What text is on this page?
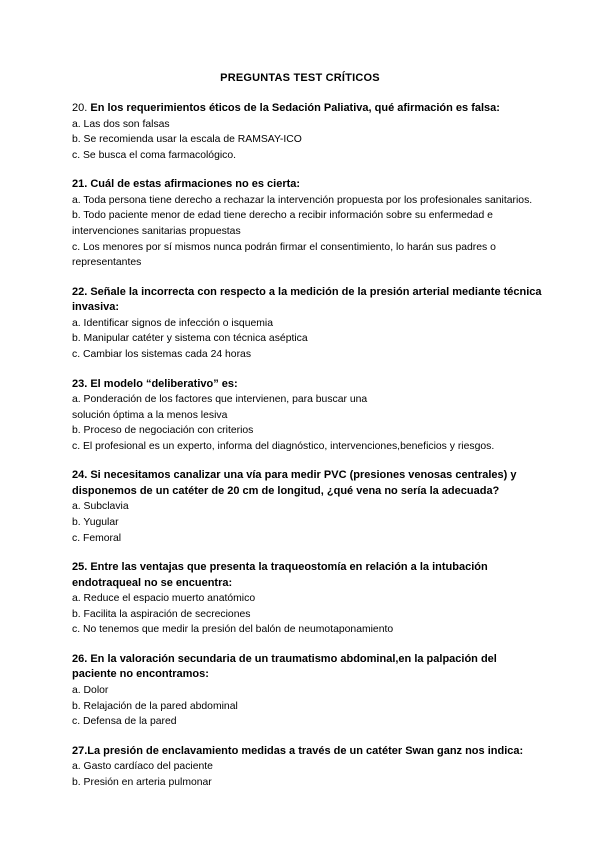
PREGUNTAS TEST CRÍTICOS
20. En los requerimientos éticos de la Sedación Paliativa, qué afirmación es falsa:
a. Las dos son falsas
b. Se recomienda usar la escala de RAMSAY-ICO
c. Se busca el coma farmacológico.
21. Cuál de estas afirmaciones no es cierta:
a. Toda persona tiene derecho a rechazar la intervención propuesta por los profesionales sanitarios.
b. Todo paciente menor de edad tiene derecho a recibir información sobre su enfermedad e intervenciones sanitarias propuestas
c. Los menores por sí mismos nunca podrán firmar el consentimiento, lo harán sus padres o representantes
22. Señale la incorrecta con respecto a la medición de la presión arterial mediante técnica invasiva:
a. Identificar signos de infección o isquemia
b. Manipular catéter y sistema con técnica aséptica
c. Cambiar los sistemas cada 24 horas
23. El modelo “deliberativo” es:
a. Ponderación de los factores que intervienen, para buscar una
solución óptima a la menos lesiva
b. Proceso de negociación con criterios
c. El profesional es un experto, informa del diagnóstico, intervenciones,beneficios y riesgos.
24. Si necesitamos canalizar una vía para medir PVC (presiones venosas centrales) y disponemos de un catéter de 20 cm de longitud, ¿qué vena no sería la adecuada?
a. Subclavia
b. Yugular
c. Femoral
25. Entre las ventajas que presenta la traqueostomía en relación a la intubación endotraqueal no se encuentra:
a. Reduce el espacio muerto anatómico
b. Facilita la aspiración de secreciones
c. No tenemos que medir la presión del balón de neumotaponamiento
26. En la valoración secundaria de un traumatismo abdominal,en la palpación del paciente no encontramos:
a. Dolor
b. Relajación de la pared abdominal
c. Defensa de la pared
27.La presión de enclavamiento medidas a través de un catéter Swan ganz nos indica:
a. Gasto cardíaco del paciente
b. Presión en arteria pulmonar
